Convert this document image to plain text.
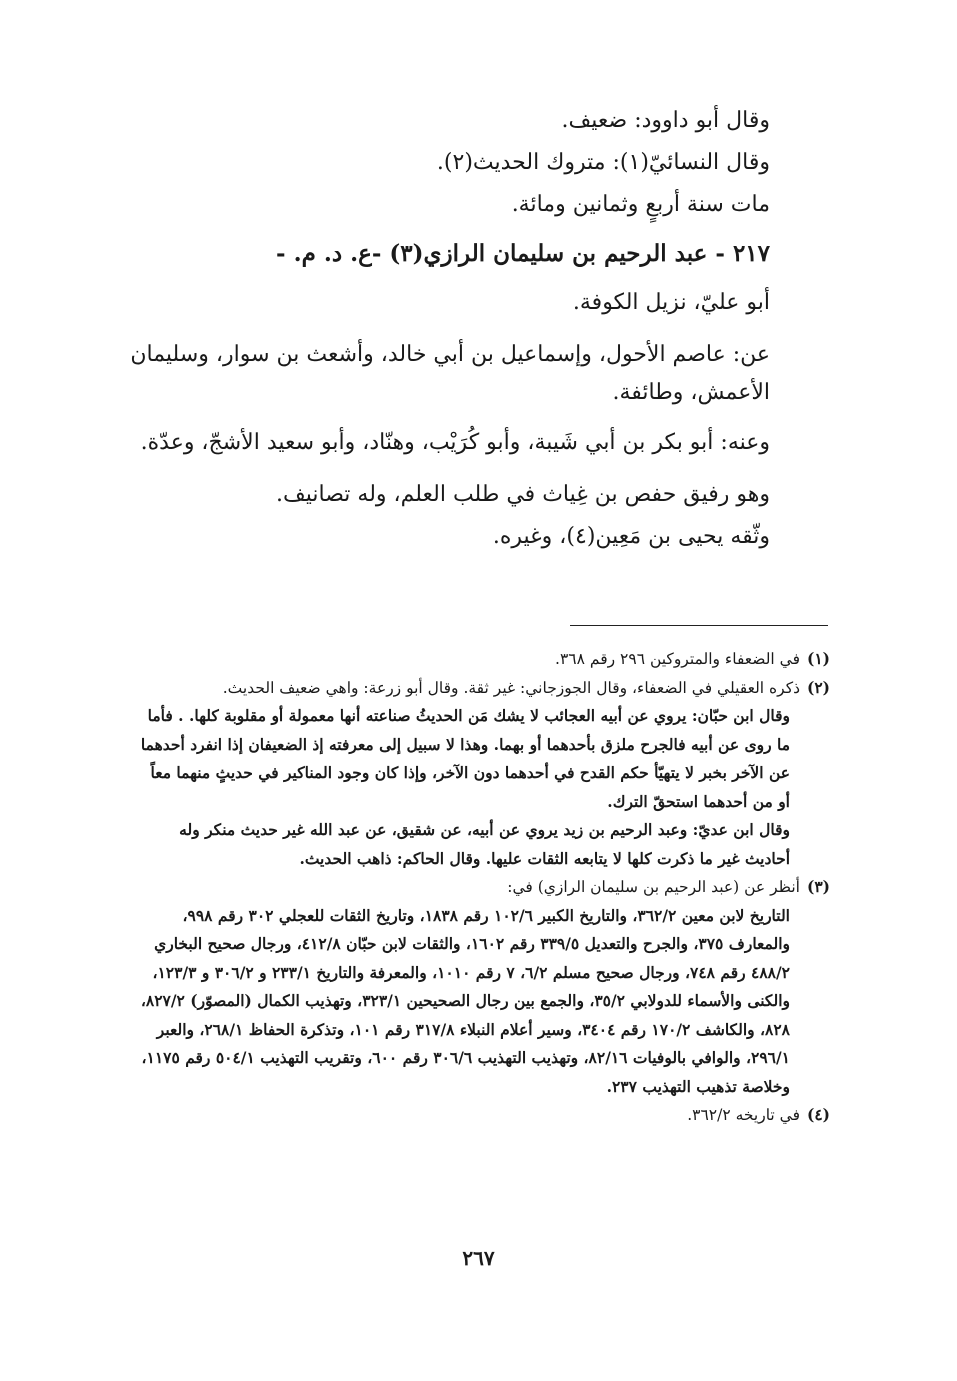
وقال أبو داوود: ضعيف.
وقال النسائيّ(١): متروك الحديث(٢).
مات سنة أربعٍ وثمانين ومائة.
٢١٧ - عبد الرحيم بن سليمان الرازي(٣) -ع. د. م. -
أبو عليّ، نزيل الكوفة.
عن: عاصم الأحول، وإسماعيل بن أبي خالد، وأشعث بن سوار، وسليمان الأعمش، وطائفة.
وعنه: أبو بكر بن أبي شَيبة، وأبو كُرَيْب، وهنّاد، وأبو سعيد الأشجّ، وعدّة.
وهو رفيق حفص بن غِياث في طلب العلم، وله تصانيف.
وثّقه يحيى بن مَعِين(٤)، وغيره.
(١)في الضعفاء والمتروكين ٢٩٦ رقم ٣٦٨.
(٢)ذكره العقيلي في الضعفاء، وقال الجوزجاني: غير ثقة. وقال أبو زرعة: واهي ضعيف الحديث.
وقال ابن حبّان: يروي عن أبيه العجائب لا يشك مَن الحديثُ صناعته أنها معمولة أو مقلوبة كلها. . فأما ما روى عن أبيه فالجرح ملزق بأحدهما أو بهما. وهذا لا سبيل إلى معرفته إذ الضعيفان إذا انفرد أحدهما عن الآخر بخبر لا يتهيّأ حكم القدح في أحدهما دون الآخر، وإذا كان وجود المناكير في حديثٍ منهما معاً أو من أحدهما استحقّ الترك.
وقال ابن عديّ: وعبد الرحيم بن زيد يروي عن أبيه، عن شقيق، عن عبد الله غير حديث منكر وله أحاديث غير ما ذكرت كلها لا يتابعه الثقات عليها. وقال الحاكم: ذاهب الحديث.
(٣)أنظر عن (عبد الرحيم بن سليمان الرازي) في:
التاريخ لابن معين ٣٦٢/٢، والتاريخ الكبير ١٠٢/٦ رقم ١٨٣٨، وتاريخ الثقات للعجلي ٣٠٢ رقم ٩٩٨، والمعارف ٣٧٥، والجرح والتعديل ٣٣٩/٥ رقم ١٦٠٢، والثقات لابن حبّان ٤١٢/٨، ورجال صحيح البخاري ٤٨٨/٢ رقم ٧٤٨، ورجال صحيح مسلم ٦/٢، ٧ رقم ١٠١٠، والمعرفة والتاريخ ٢٣٣/١ و ٣٠٦/٢ و ١٢٣/٣، والكنى والأسماء للدولابي ٣٥/٢، والجمع بين رجال الصحيحين ٣٢٣/١، وتهذيب الكمال (المصوّر) ٨٢٧/٢، ٨٢٨، والكاشف ١٧٠/٢ رقم ٣٤٠٤، وسير أعلام النبلاء ٣١٧/٨ رقم ١٠١، وتذكرة الحفاظ ٢٦٨/١، والعبر ٢٩٦/١، والوافي بالوفيات ٨٢/١٦، وتهذيب التهذيب ٣٠٦/٦ رقم ٦٠٠، وتقريب التهذيب ٥٠٤/١ رقم ١١٧٥، وخلاصة تذهيب التهذيب ٢٣٧.
(٤)في تاريخه ٣٦٢/٢.
٢٦٧
